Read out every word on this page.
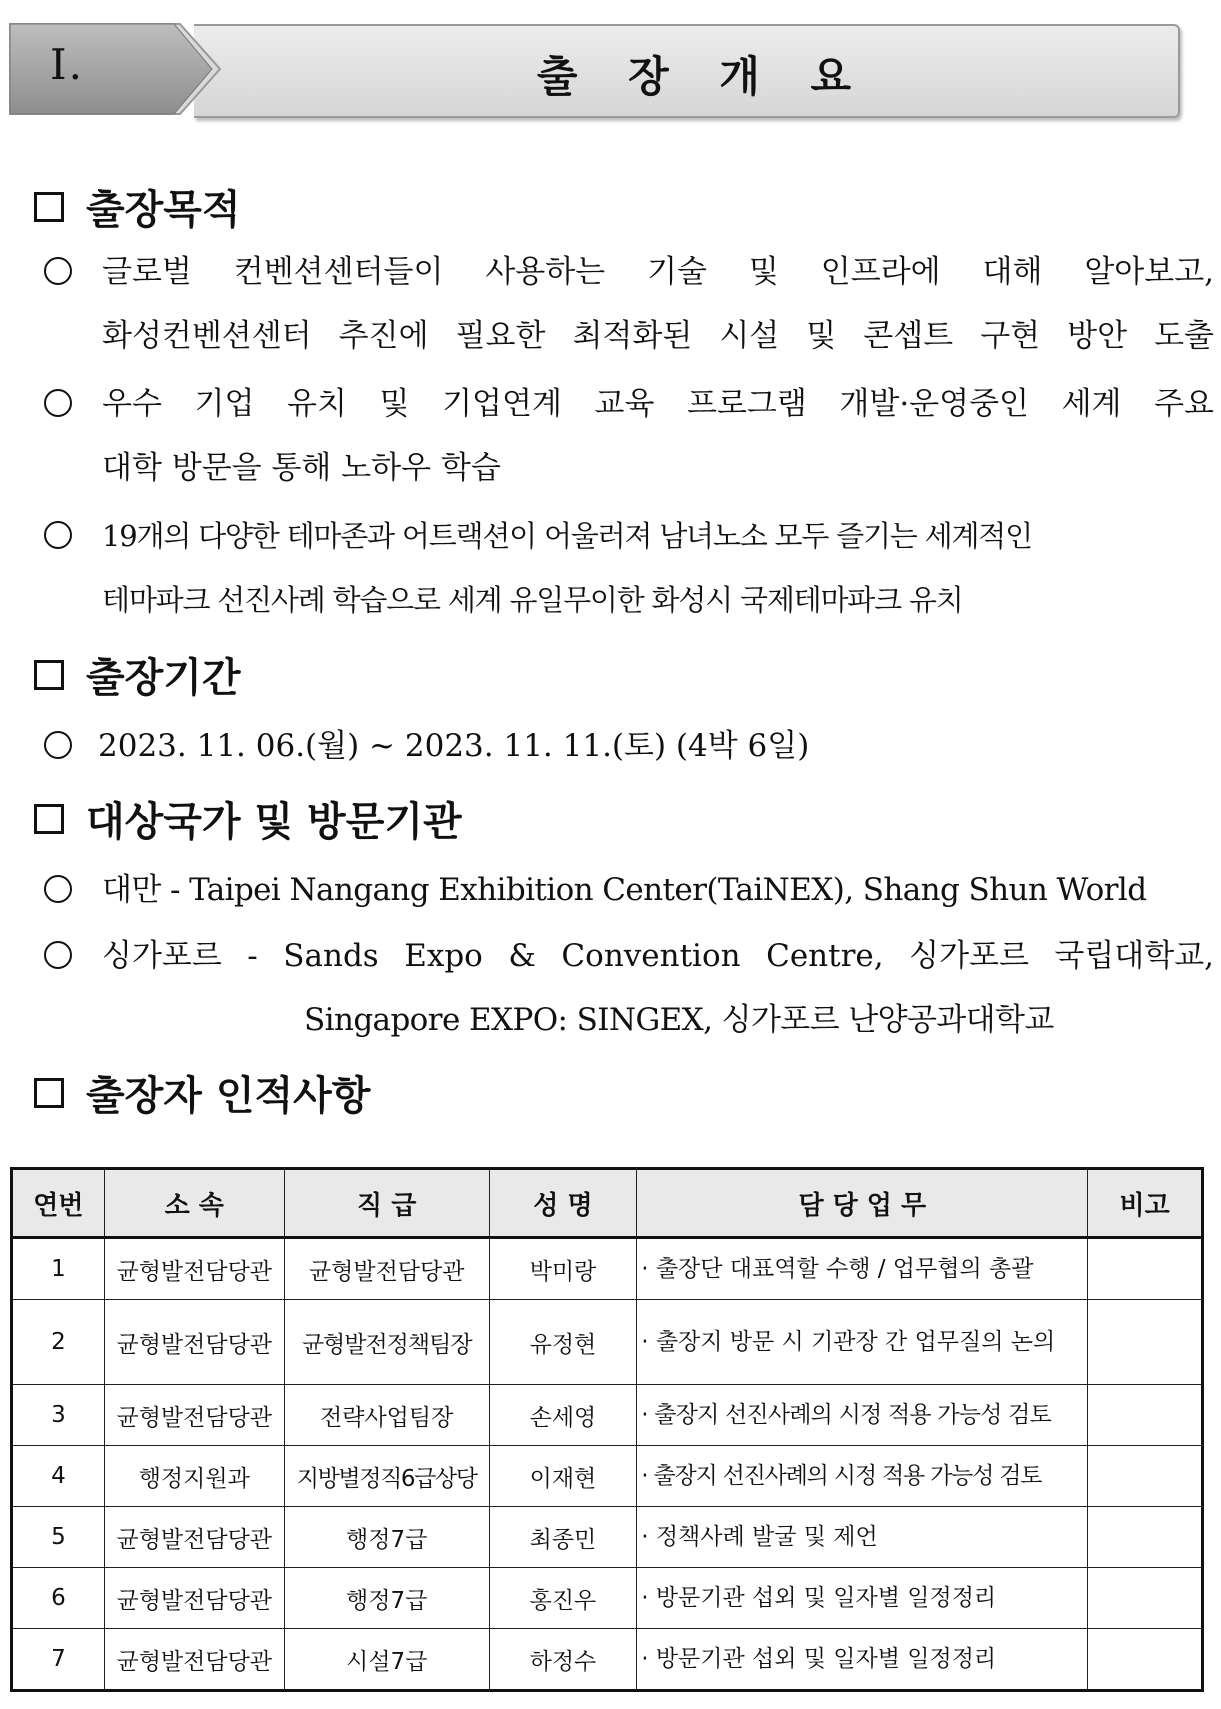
Ⅰ.	출 장 개 요
출장목적
글로벌 컨벤션센터들이 사용하는 기술 및 인프라에 대해 알아보고,
화성컨벤션센터 추진에 필요한 최적화된 시설 및 콘셉트 구현 방안 도출
우수 기업 유치 및 기업연계 교육 프로그램 개발·운영중인 세계 주요
대학 방문을 통해 노하우 학습
19개의 다양한 테마존과 어트랙션이 어울러져 남녀노소 모두 즐기는 세계적인
테마파크 선진사례 학습으로 세계 유일무이한 화성시 국제테마파크 유치
출장기간
2023. 11. 06.(월) ~ 2023. 11. 11.(토) (4박 6일)
대상국가 및 방문기관
대만 - Taipei Nangang Exhibition Center(TaiNEX), Shang Shun World
싱가포르 - Sands Expo & Convention Centre, 싱가포르 국립대학교,
Singapore EXPO: SINGEX, 싱가포르 난양공과대학교
출장자 인적사항
연번	소 속	직 급	성 명	담 당 업 무	비고
1	균형발전담당관	균형발전담당관	박미랑	· 출장단 대표역할 수행 / 업무협의 총괄	
2	균형발전담당관	균형발전정책팀장	유정현	· 출장지 방문 시 기관장 간 업무질의 논의	
3	균형발전담당관	전략사업팀장	손세영	· 출장지 선진사례의 시정 적용 가능성 검토	
4	행정지원과	지방별정직6급상당	이재현	· 출장지 선진사례의 시정 적용 가능성 검토	
5	균형발전담당관	행정7급	최종민	· 정책사례 발굴 및 제언	
6	균형발전담당관	행정7급	홍진우	· 방문기관 섭외 및 일자별 일정정리	
7	균형발전담당관	시설7급	하정수	· 방문기관 섭외 및 일자별 일정정리	
